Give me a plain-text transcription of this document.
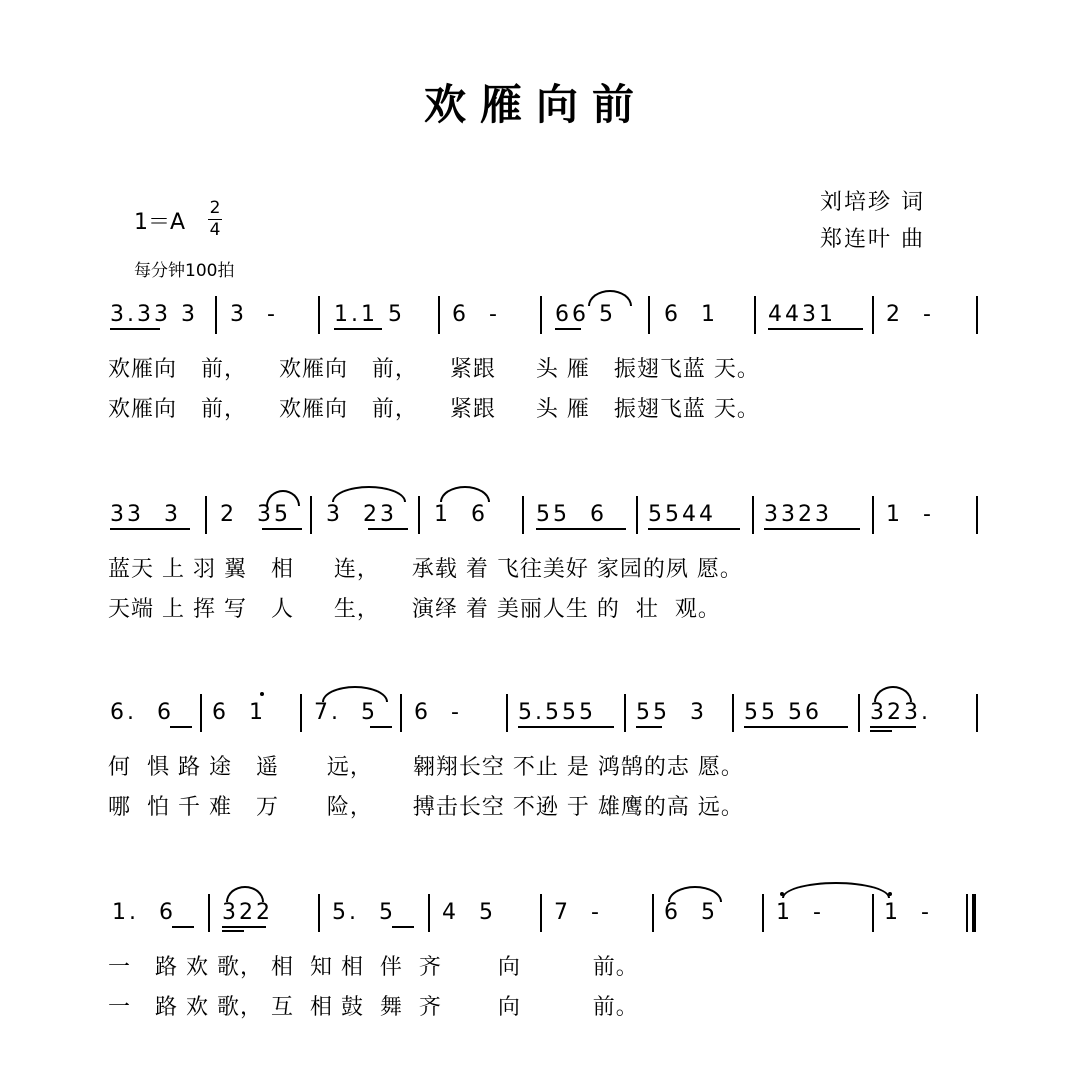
欢雁向前
1＝A
2
4
每分钟100拍
刘培珍 词
郑连叶 曲
3.33 3 3  -	1.1 5 6  -	66 5 6  1 4431 2  -
欢雁向   前，    欢雁向   前，    紧跟     头 雁   振翅飞蓝 天。
欢雁向   前，    欢雁向   前，    紧跟     头 雁   振翅飞蓝 天。
33  3 2  35 3  23 1  6 55  6 5544 3323 1  -
蓝天 上 羽 翼   相     连，    承载 着 飞往美好 家园的夙 愿。
天端 上 挥 写   人     生，    演绎 着 美丽人生 的  壮  观。
6.  6 6  1 7.  5 6  -	5.555 55  3 55 56 323.
何  惧 路 途   遥      远，     翱翔长空 不止 是 鸿鹄的志 愿。
哪  怕 千 难   万      险，     搏击长空 不逊 于 雄鹰的高 远。
1.  6 322	5.  5 4  5	7  -	6  5	1  -	1  -
一   路 欢 歌， 相  知 相  伴  齐       向         前。
一   路 欢 歌， 互  相 鼓  舞  齐       向         前。
